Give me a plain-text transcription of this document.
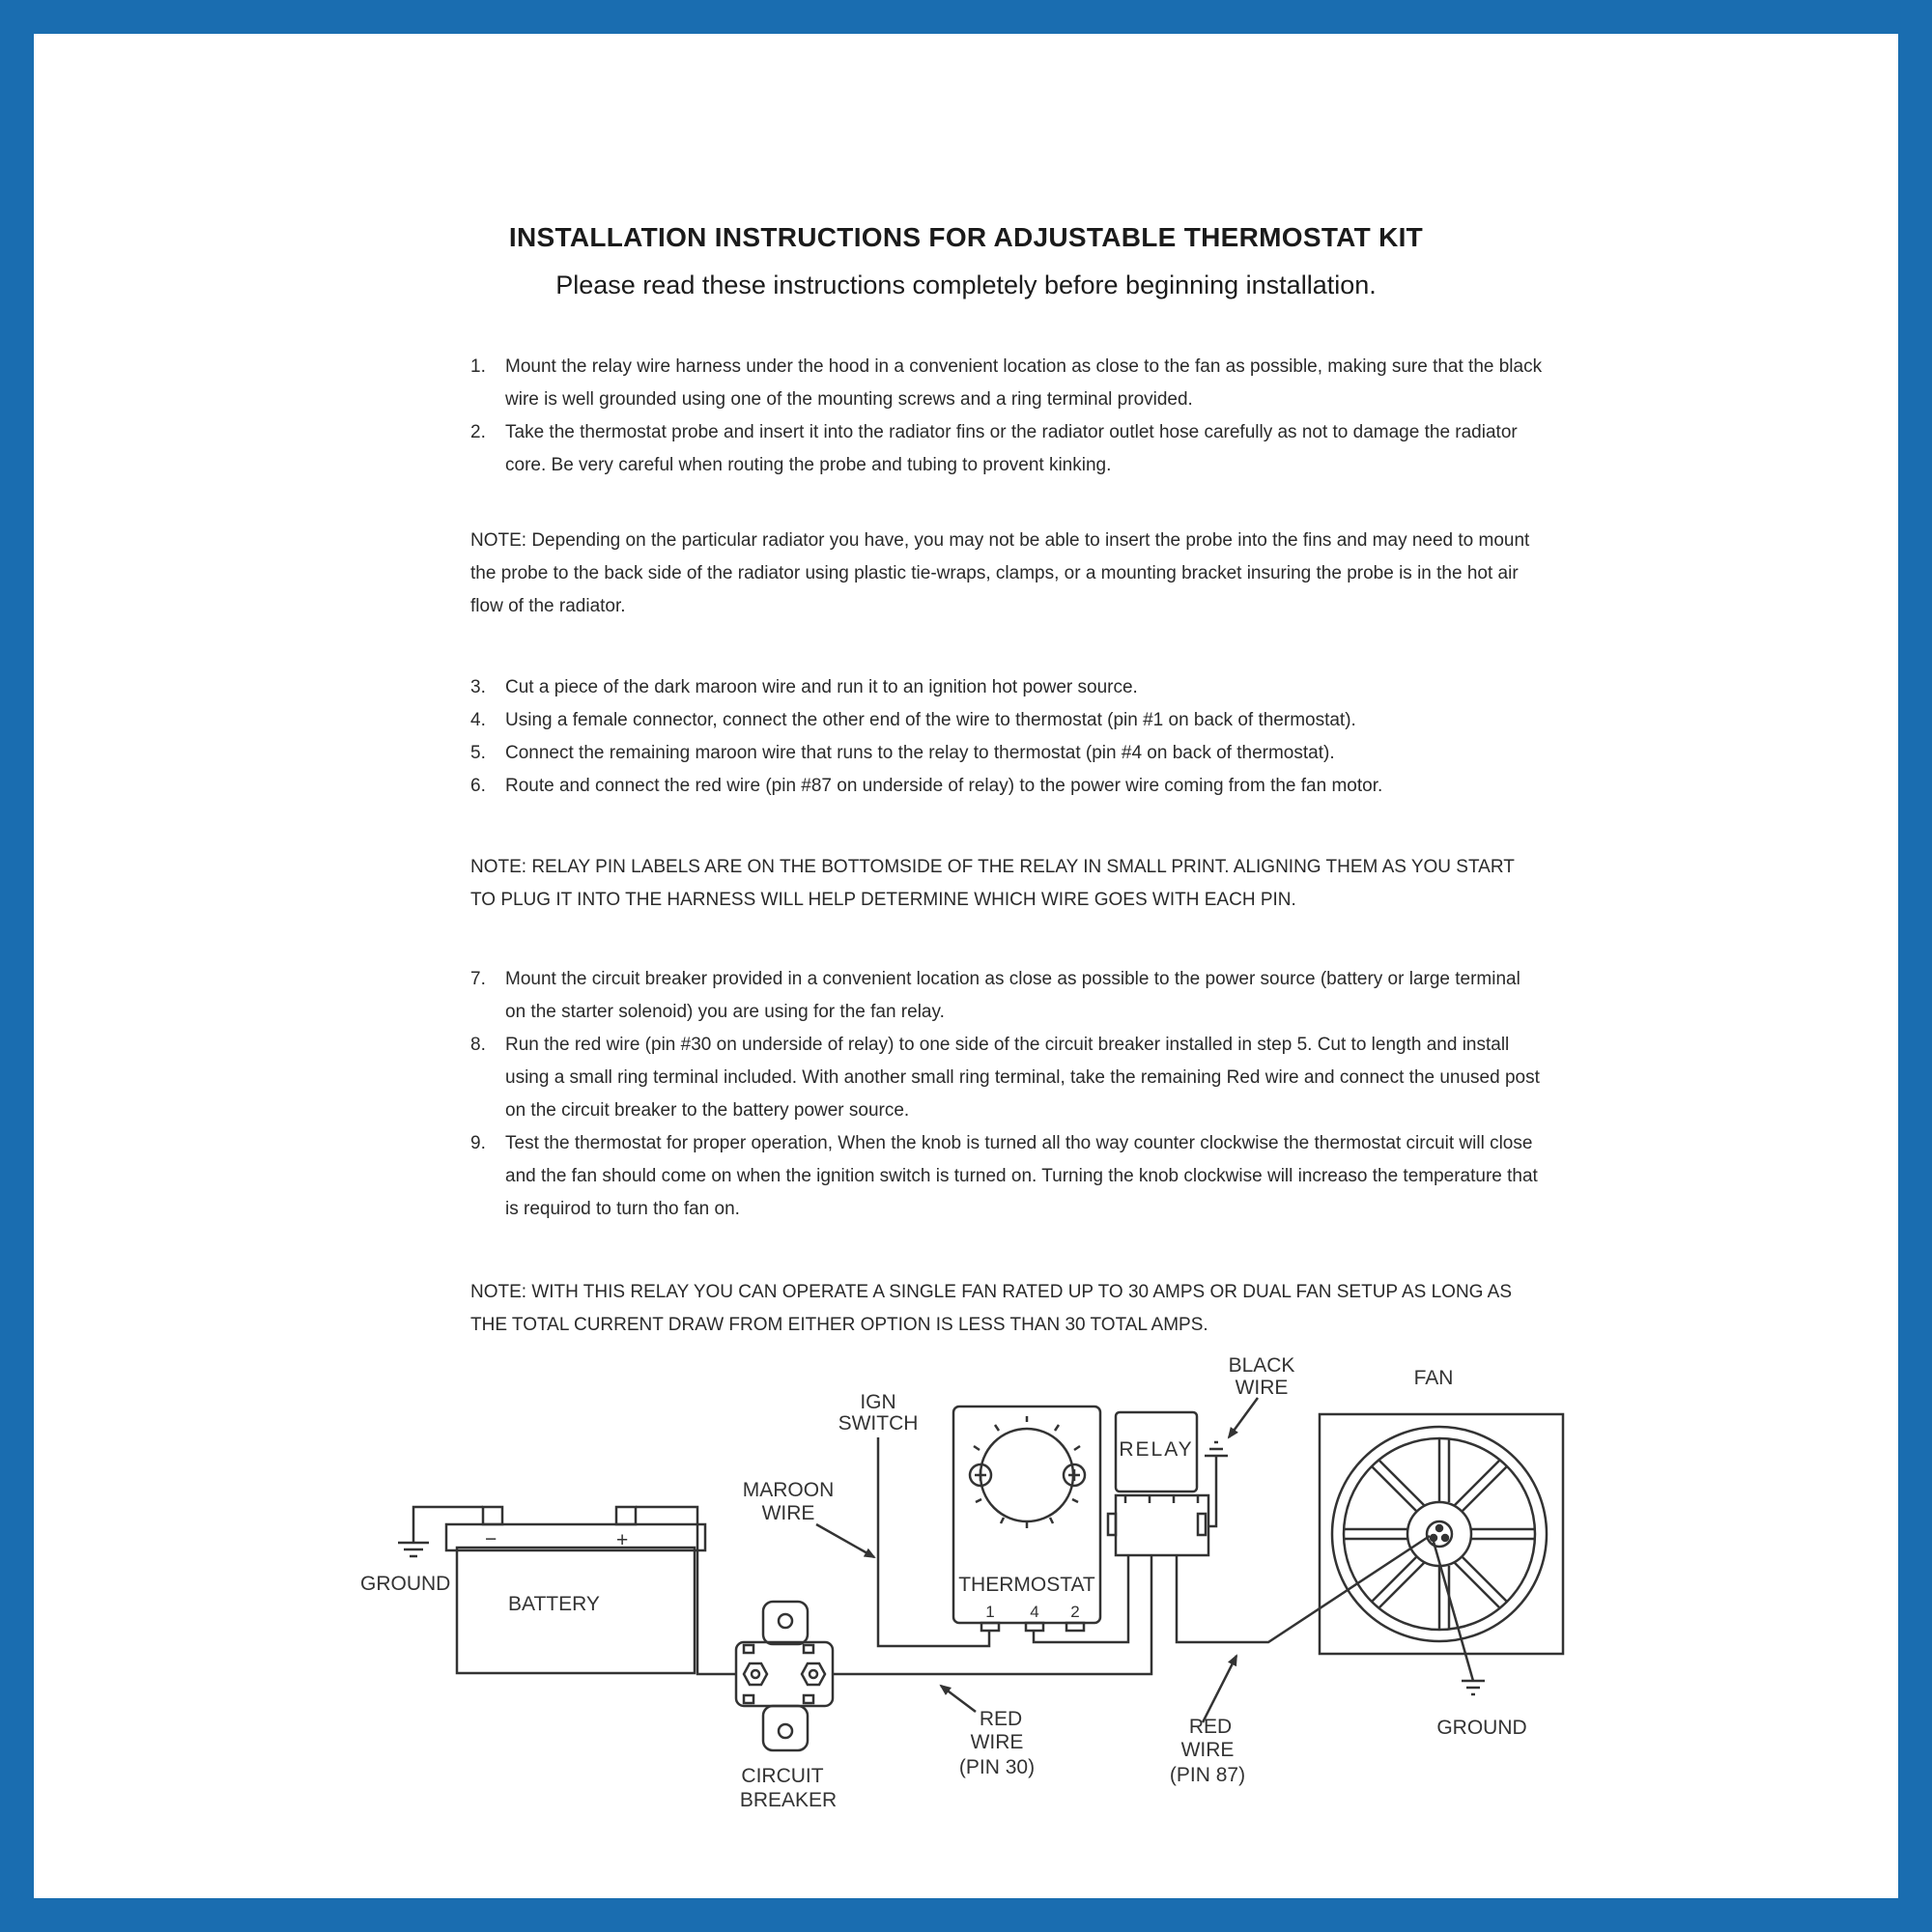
INSTALLATION INSTRUCTIONS FOR ADJUSTABLE THERMOSTAT KIT
Please read these instructions completely before beginning installation.
1. Mount the relay wire harness under the hood in a convenient location as close to the fan as possible, making sure that the black wire is well grounded using one of the mounting screws and a ring terminal provided.
2. Take the thermostat probe and insert it into the radiator fins or the radiator outlet hose carefully as not to damage the radiator core. Be very careful when routing the probe and tubing to provent kinking.

NOTE: Depending on the particular radiator you have, you may not be able to insert the probe into the fins and may need to mount the probe to the back side of the radiator using plastic tie-wraps, clamps, or a mounting bracket insuring the probe is in the hot air flow of the radiator.

3. Cut a piece of the dark maroon wire and run it to an ignition hot power source.
4. Using a female connector, connect the other end of the wire to thermostat (pin #1 on back of thermostat).
5. Connect the remaining maroon wire that runs to the relay to thermostat (pin #4 on back of thermostat).
6. Route and connect the red wire (pin #87 on underside of relay) to the power wire coming from the fan motor.

NOTE: RELAY PIN LABELS ARE ON THE BOTTOMSIDE OF THE RELAY IN SMALL PRINT. ALIGNING THEM AS YOU START TO PLUG IT INTO THE HARNESS WILL HELP DETERMINE WHICH WIRE GOES WITH EACH PIN.

7. Mount the circuit breaker provided in a convenient location as close as possible to the power source (battery or large terminal on the starter solenoid) you are using for the fan relay.
8. Run the red wire (pin #30 on underside of relay) to one side of the circuit breaker installed in step 5. Cut to length and install using a small ring terminal included. With another small ring terminal, take the remaining Red wire and connect the unused post on the circuit breaker to the battery power source.
9. Test the thermostat for proper operation, When the knob is turned all tho way counter clockwise the thermostat circuit will close and the fan should come on when the ignition switch is turned on. Turning the knob clockwise will increaso the temperature that is requirod to turn tho fan on.

NOTE: WITH THIS RELAY YOU CAN OPERATE A SINGLE FAN RATED UP TO 30 AMPS OR DUAL FAN SETUP AS LONG AS THE TOTAL CURRENT DRAW FROM EITHER OPTION IS LESS THAN 30 TOTAL AMPS.

GROUND
BATTERY
−	+
IGN
SWITCH
MAROON
WIRE
THERMOSTAT
1 4 2
RELAY
BLACK
WIRE	FAN
GROUND
CIRCUIT
BREAKER
RED
WIRE
(PIN 30)
RED
WIRE
(PIN 87)
